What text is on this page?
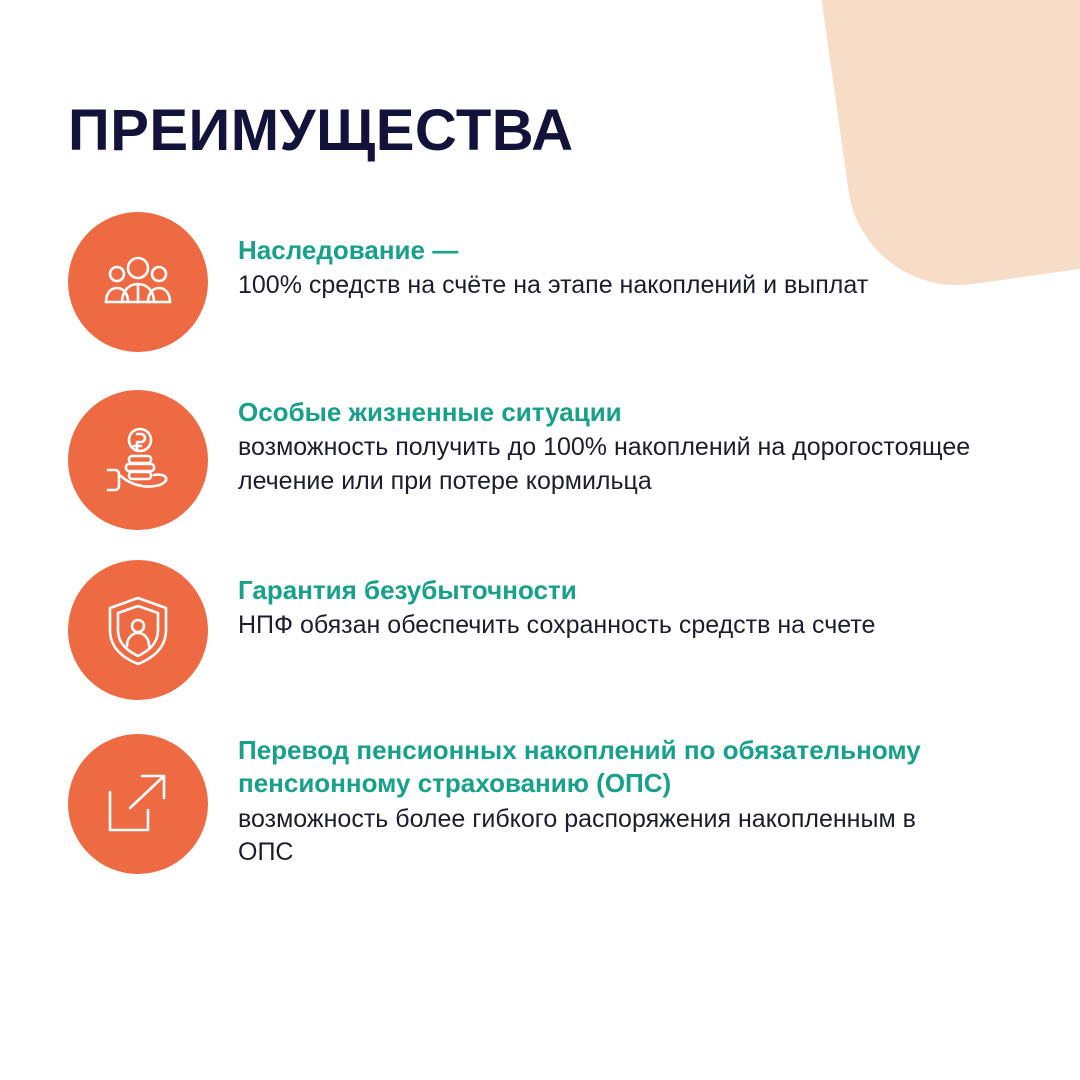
ПРЕИМУЩЕСТВА

Наследование —

100% средств на счёте на этапе накоплений и выплат

Особые жизненные ситуации

возможность получить до 100% накоплений на дорогостоящее лечение или при потере кормильца

Гарантия безубыточности

НПФ обязан обеспечить сохранность средств на счете

Перевод пенсионных накоплений по обязательному пенсионному страхованию (ОПС)

возможность более гибкого распоряжения накопленным в ОПС
